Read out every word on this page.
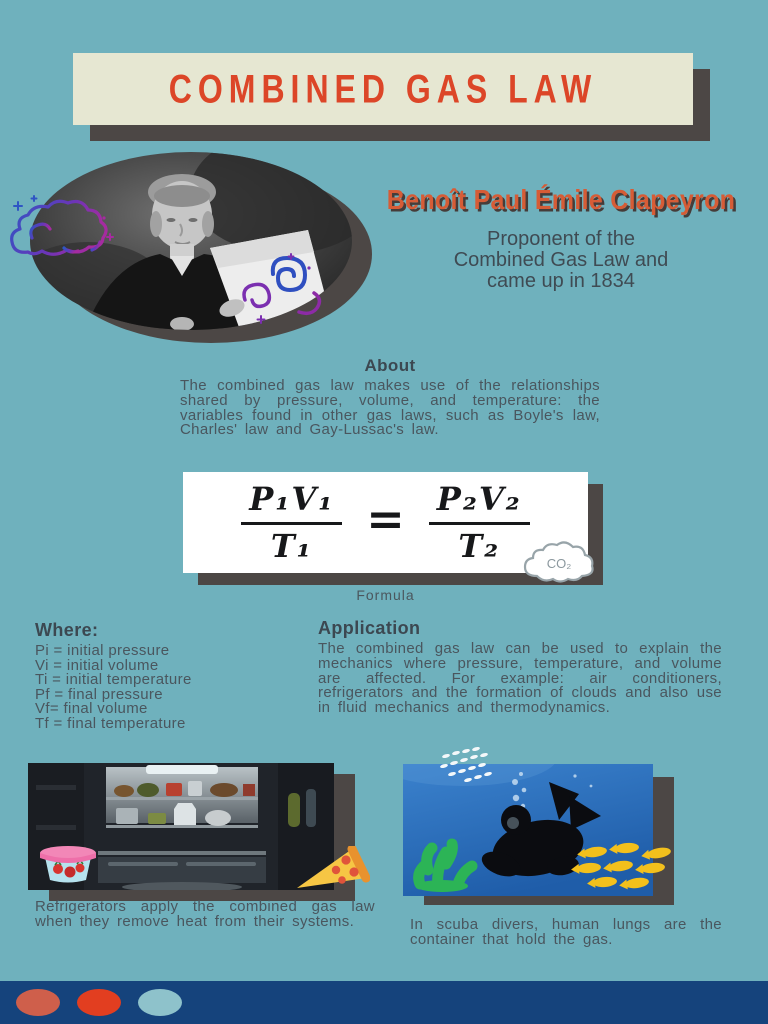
COMBINED GAS LAW
Benoît Paul Émile Clapeyron
Proponent of the
Combined Gas Law and
came up in 1834
About

The combined gas law makes use of the relationships shared by pressure, volume, and temperature: the variables found in other gas laws, such as Boyle's law, Charles' law and Gay-Lussac's law.

$\frac{\text{P₁V₁}}{\text{T₁}} = \frac{\text{P₂V₂}}{\text{T₂}} CO_2$
Formula
Where:
Pi = initial pressure
Vi = initial volume
Ti = initial temperature
Pf = final pressure
Vf= final volume
Tf = final temperature
Application

The combined gas law can be used to explain the mechanics where pressure, temperature, and volume are affected. For example: air conditioners, refrigerators and the formation of clouds and also use in fluid mechanics and thermodynamics.

Refrigerators apply the combined gas law when they remove heat from their systems.	In scuba divers, human lungs are the container that hold the gas.
